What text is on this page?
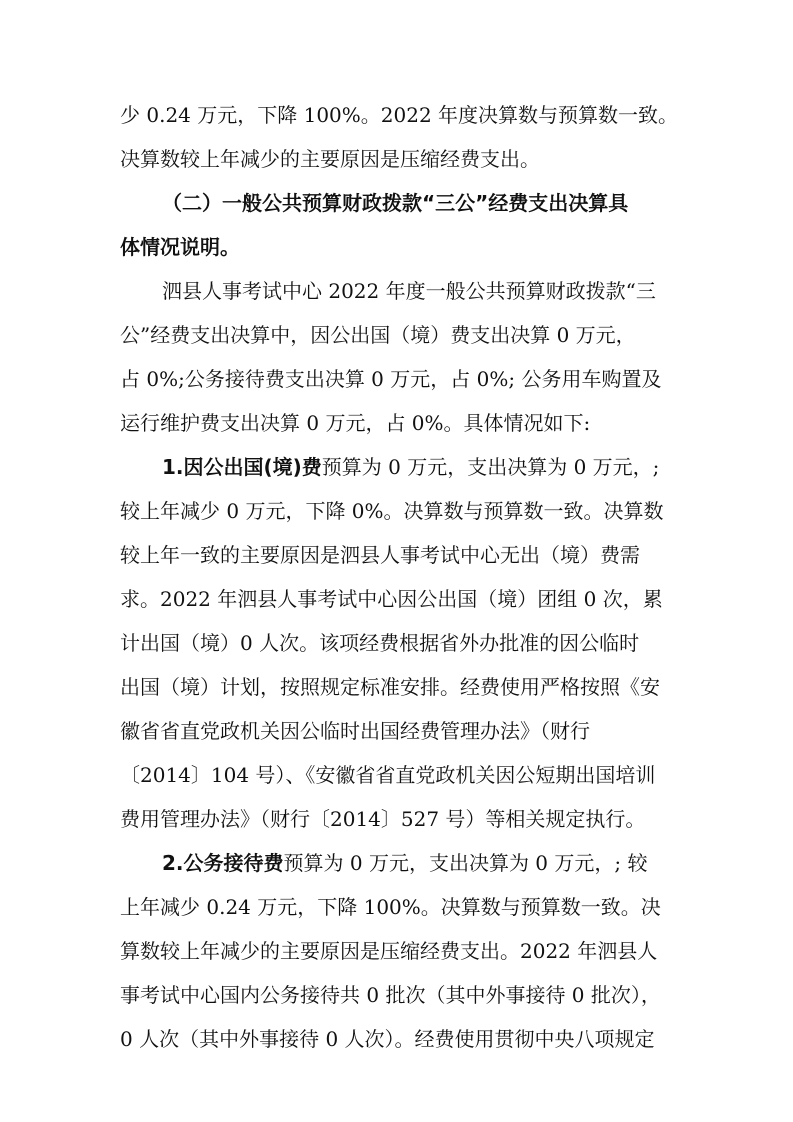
少 0.24 万元，下降 100%。2022 年度决算数与预算数一致。
决算数较上年减少的主要原因是压缩经费支出。
（二）一般公共预算财政拨款“三公”经费支出决算具
体情况说明。
泗县人事考试中心 2022 年度一般公共预算财政拨款“三
公”经费支出决算中，因公出国（境）费支出决算 0 万元，
占 0%;公务接待费支出决算 0 万元，占 0%; 公务用车购置及
运行维护费支出决算 0 万元，占 0%。具体情况如下:
1.因公出国(境)费预算为 0 万元，支出决算为 0 万元，;
较上年减少 0 万元，下降 0%。决算数与预算数一致。决算数
较上年一致的主要原因是泗县人事考试中心无出（境）费需
求。2022 年泗县人事考试中心因公出国（境）团组 0 次，累
计出国（境）0 人次。该项经费根据省外办批准的因公临时
出国（境）计划，按照规定标准安排。经费使用严格按照《安
徽省省直党政机关因公临时出国经费管理办法》（财行
〔2014〕104 号）、《安徽省省直党政机关因公短期出国培训
费用管理办法》（财行〔2014〕527 号）等相关规定执行。
2.公务接待费预算为 0 万元，支出决算为 0 万元，; 较
上年减少 0.24 万元，下降 100%。决算数与预算数一致。决
算数较上年减少的主要原因是压缩经费支出。2022 年泗县人
事考试中心国内公务接待共 0 批次（其中外事接待 0 批次），
0 人次（其中外事接待 0 人次）。经费使用贯彻中央八项规定
